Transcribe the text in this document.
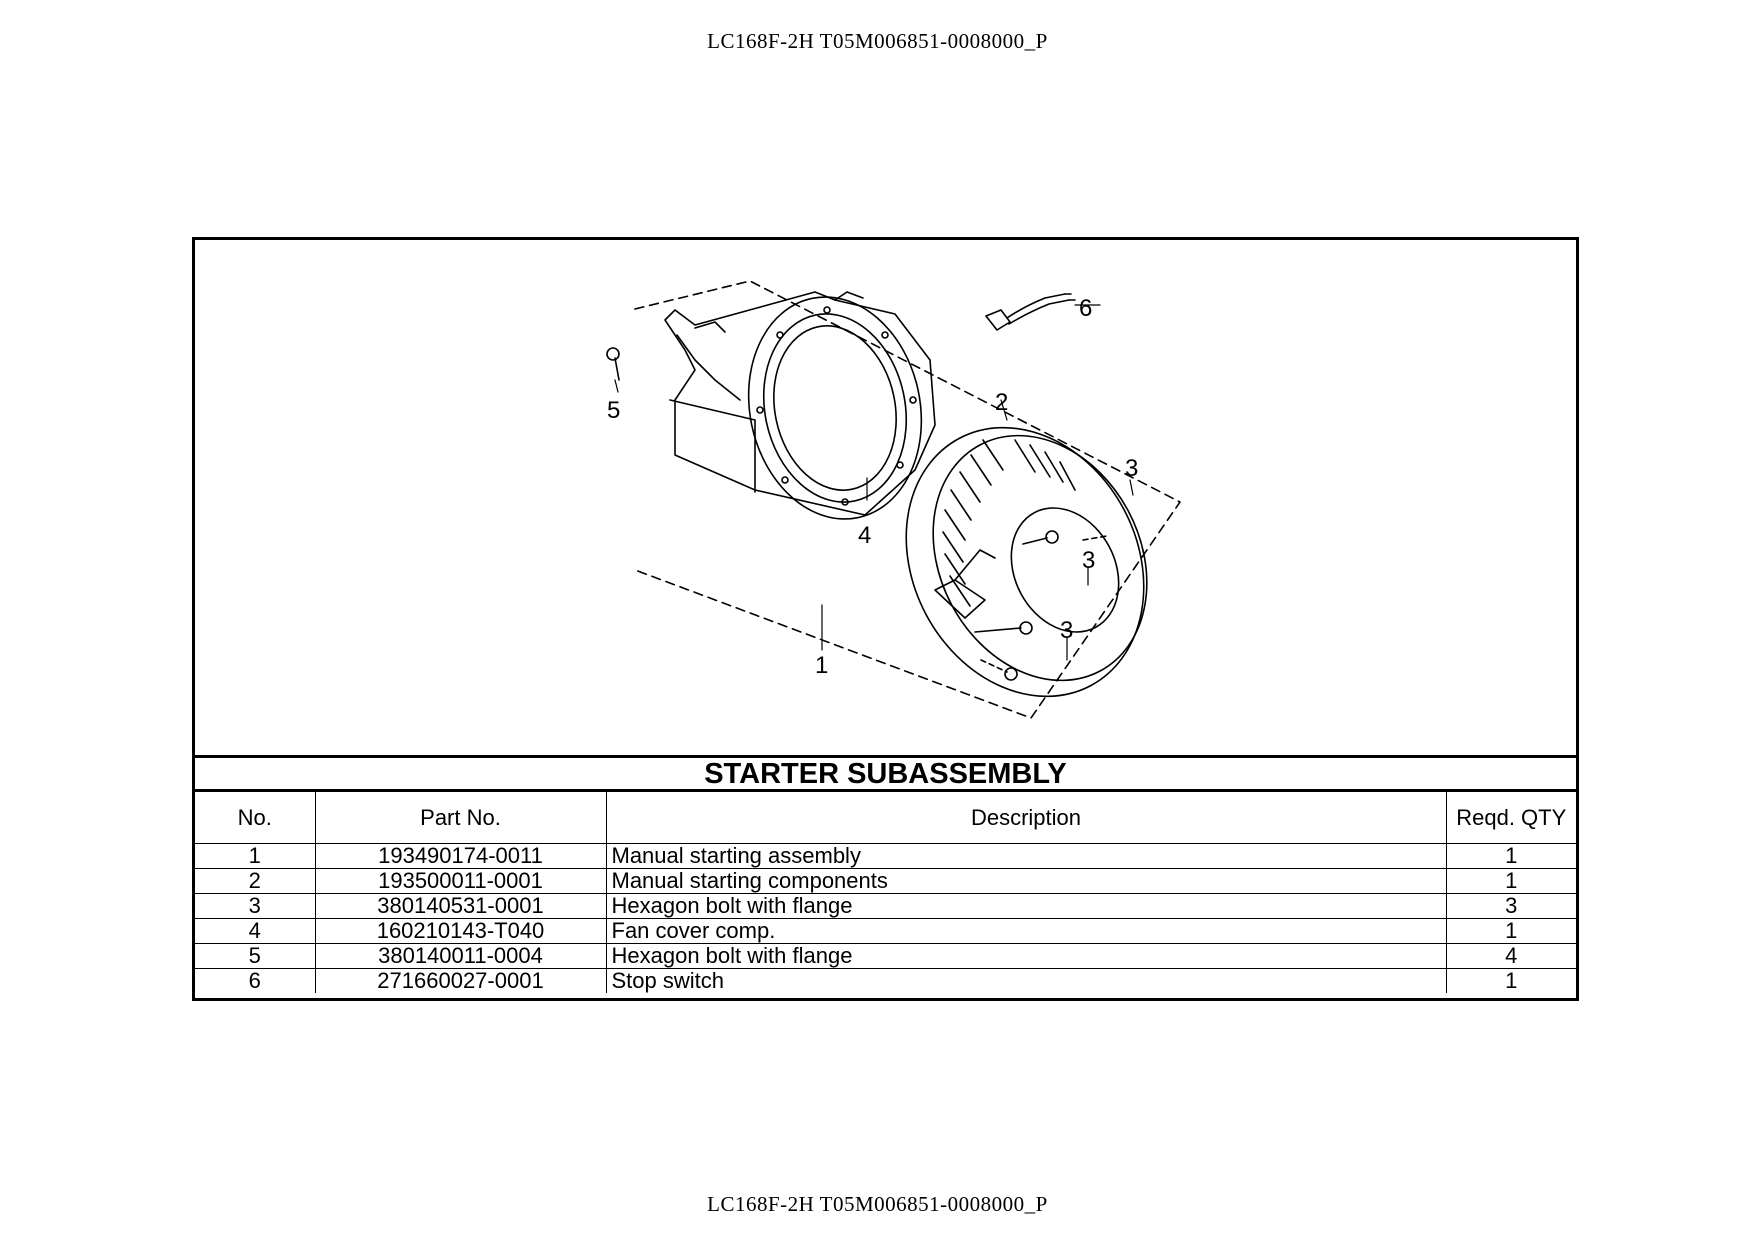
LC168F-2H T05M006851-0008000_P
6
5	2
3
4
3
3
1
STARTER SUBASSEMBLY
No.	Part No.	Description	Reqd. QTY
1	193490174-0011	Manual starting assembly	1
2	193500011-0001	Manual starting components	1
3	380140531-0001	Hexagon bolt with flange	3
4	160210143-T040	Fan cover comp.	1
5	380140011-0004	Hexagon bolt with flange	4
6	271660027-0001	Stop switch	1
LC168F-2H T05M006851-0008000_P
